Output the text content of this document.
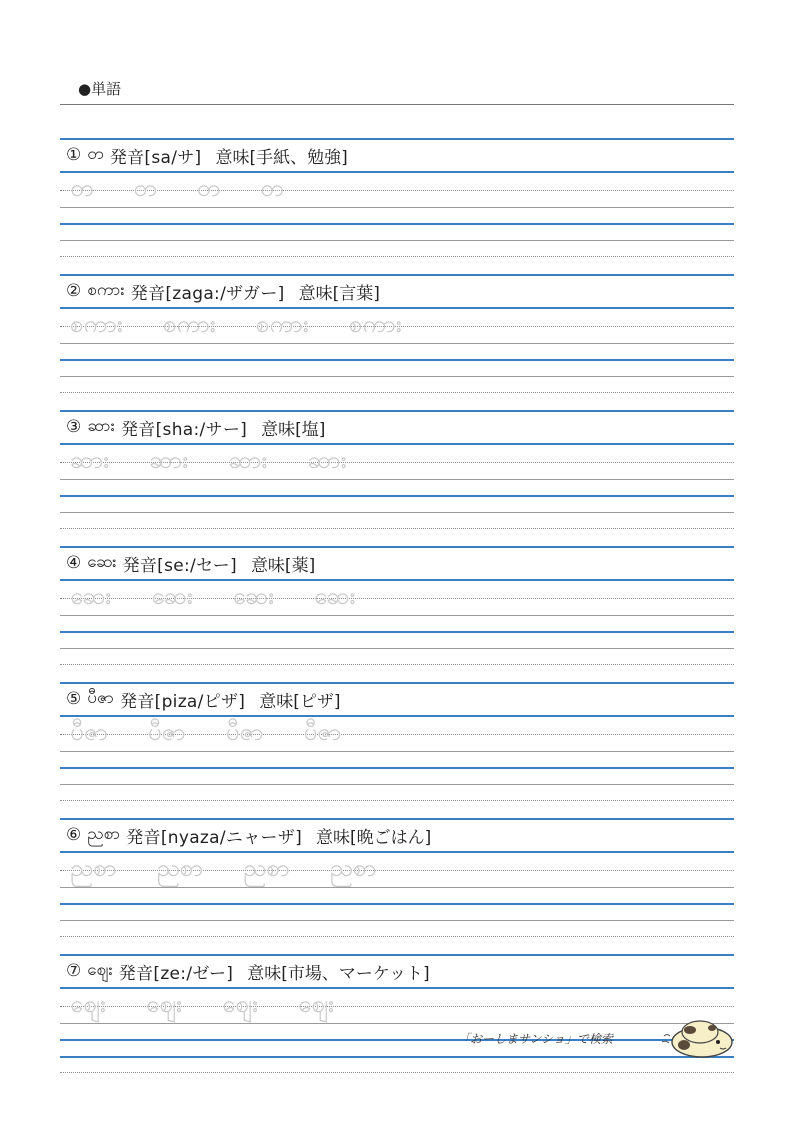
●単語
① တ 発音[sa/サ] 意味[手紙、勉強]
တ တ တ တ
② စကား 発音[zaga:/ザガー] 意味[言葉]
စကား စကား စကား စကား
③ ဆား 発音[sha:/サー] 意味[塩]
ဆား ဆား ဆား ဆား
④ ဆေး 発音[se:/セー] 意味[薬]
ဆေး ဆေး ဆေး ဆေး
⑤ ပီဇာ 発音[piza/ピザ] 意味[ピザ]
ပီဇာ ပီဇာ ပီဇာ ပီဇာ
⑥ ညစာ 発音[nyaza/ニャーザ] 意味[晩ごはん]
ညစာ ညစာ ညစာ ညစာ
⑦ ဈေး 発音[ze:/ゼー] 意味[市場、マーケット]
ဈေး ဈေး ဈေး ဈေး
「おーしまサンショ」で検索
